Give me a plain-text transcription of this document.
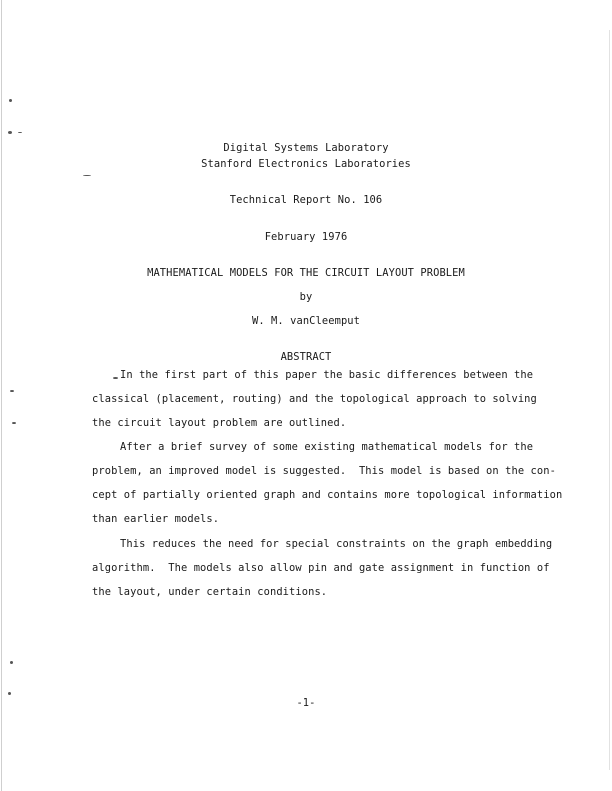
Digital Systems Laboratory
Stanford Electronics Laboratories
Technical Report No. 106
February 1976
MATHEMATICAL MODELS FOR THE CIRCUIT LAYOUT PROBLEM
by
W. M. vanCleemput
ABSTRACT
In the first part of this paper the basic differences between the
classical (placement, routing) and the topological approach to solving
the circuit layout problem are outlined.
After a brief survey of some existing mathematical models for the
problem, an improved model is suggested.  This model is based on the con-
cept of partially oriented graph and contains more topological information
than earlier models.
This reduces the need for special constraints on the graph embedding
algorithm.  The models also allow pin and gate assignment in function of
the layout, under certain conditions.
-1-
